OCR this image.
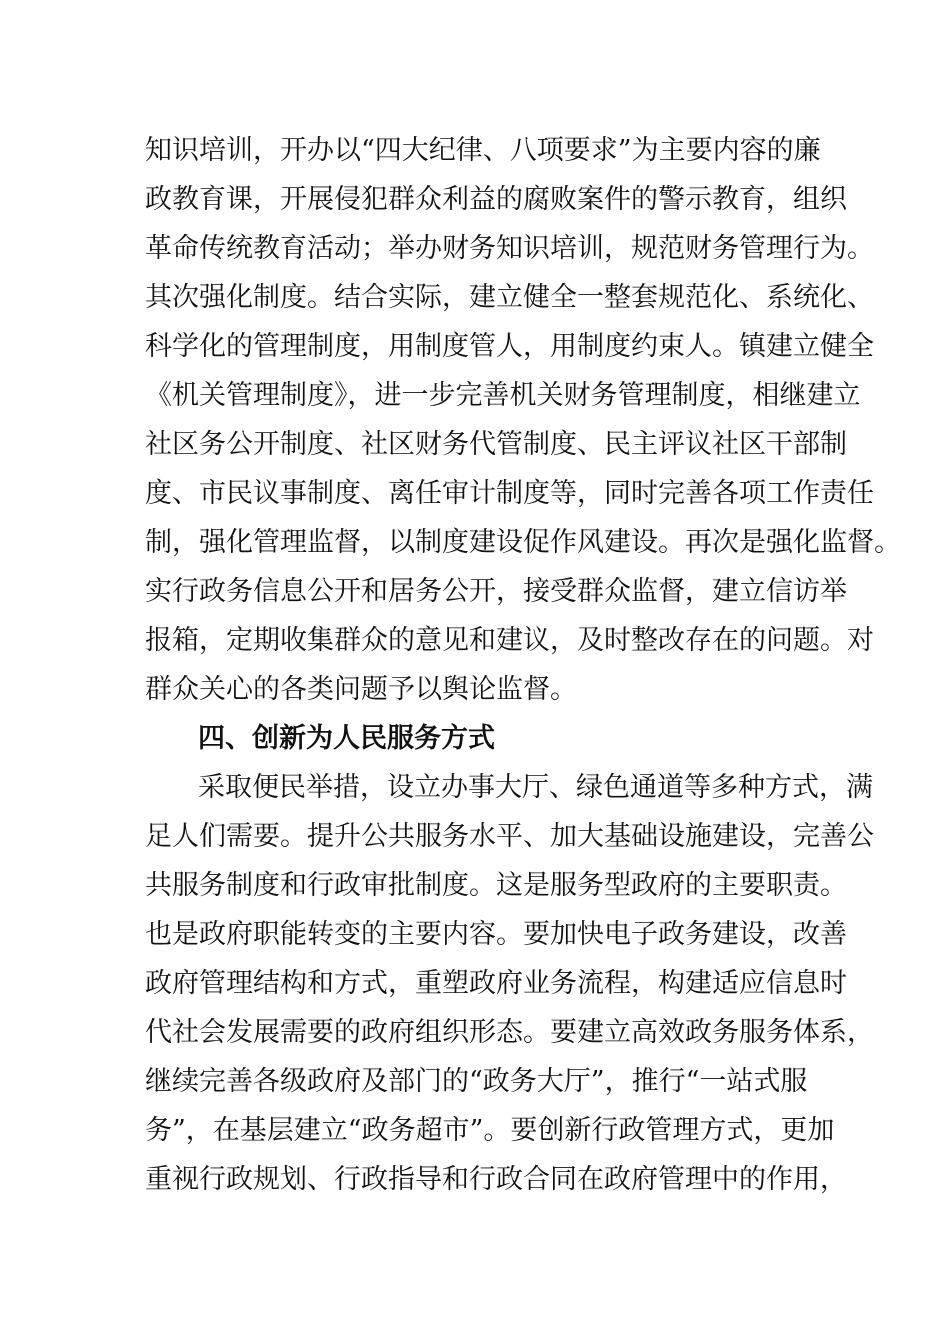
知识培训，开办以“四大纪律、八项要求”为主要内容的廉
政教育课，开展侵犯群众利益的腐败案件的警示教育，组织
革命传统教育活动；举办财务知识培训，规范财务管理行为。
其次强化制度。结合实际，建立健全一整套规范化、系统化、
科学化的管理制度，用制度管人，用制度约束人。镇建立健全
《机关管理制度》，进一步完善机关财务管理制度，相继建立
社区务公开制度、社区财务代管制度、民主评议社区干部制
度、市民议事制度、离任审计制度等，同时完善各项工作责任
制，强化管理监督，以制度建设促作风建设。再次是强化监督。
实行政务信息公开和居务公开，接受群众监督，建立信访举
报箱，定期收集群众的意见和建议，及时整改存在的问题。对
群众关心的各类问题予以舆论监督。
四、创新为人民服务方式
采取便民举措，设立办事大厅、绿色通道等多种方式，满
足人们需要。提升公共服务水平、加大基础设施建设，完善公
共服务制度和行政审批制度。这是服务型政府的主要职责。
也是政府职能转变的主要内容。要加快电子政务建设，改善
政府管理结构和方式，重塑政府业务流程，构建适应信息时
代社会发展需要的政府组织形态。要建立高效政务服务体系，
继续完善各级政府及部门的“政务大厅”，推行“一站式服
务”，在基层建立“政务超市”。要创新行政管理方式，更加
重视行政规划、行政指导和行政合同在政府管理中的作用，
